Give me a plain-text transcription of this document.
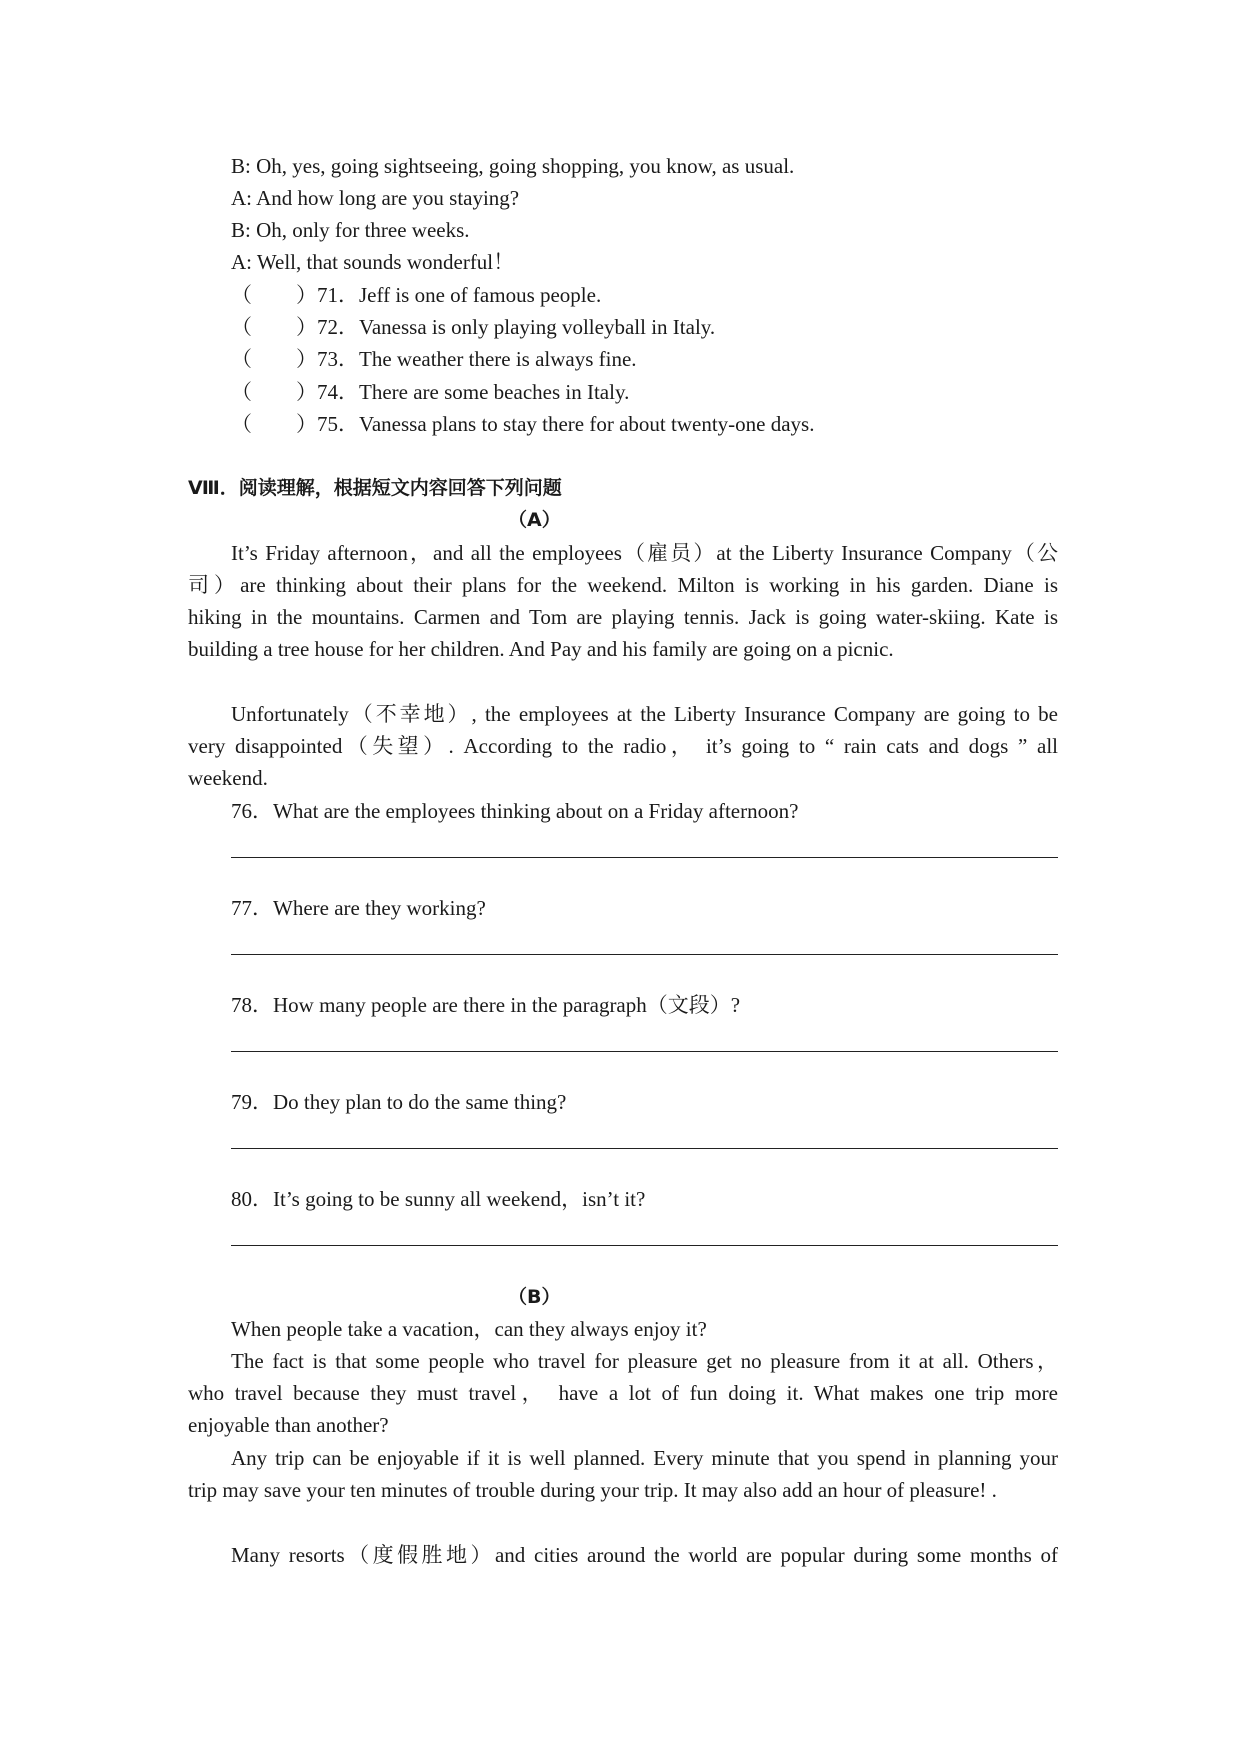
B: Oh, yes, going sightseeing, going shopping, you know, as usual.
A: And how long are you staying?
B: Oh, only for three weeks.
A: Well, that sounds wonderful！
（	）71．Jeff is one of famous people.
（	）72．Vanessa is only playing volleyball in Italy.
（	）73．The weather there is always fine.
（	）74．There are some beaches in Italy.
（	）75．Vanessa plans to stay there for about twenty-one days.
Ⅷ．阅读理解，根据短文内容回答下列问题
（A）
It’s Friday afternoon，and all the employees（雇员）at the Liberty Insurance Company（公
司）are thinking about their plans for the weekend. Milton is working in his garden. Diane is
hiking in the mountains. Carmen and Tom are playing tennis. Jack is going water-skiing. Kate is
building a tree house for her children. And Pay and his family are going on a picnic.
Unfortunately（不幸地）, the employees at the Liberty Insurance Company are going to be
very disappointed（失望）. According to the radio， it’s going to “ rain cats and dogs ” all
weekend.
76．What are the employees thinking about on a Friday afternoon?
77．Where are they working?
78．How many people are there in the paragraph（文段）?
79．Do they plan to do the same thing?
80．It’s going to be sunny all weekend，isn’t it?
（B）
When people take a vacation，can they always enjoy it?
The fact is that some people who travel for pleasure get no pleasure from it at all. Others，
who travel because they must travel， have a lot of fun doing it. What makes one trip more
enjoyable than another?
Any trip can be enjoyable if it is well planned. Every minute that you spend in planning your
trip may save your ten minutes of trouble during your trip. It may also add an hour of pleasure! .
Many resorts（度假胜地）and cities around the world are popular during some months of
